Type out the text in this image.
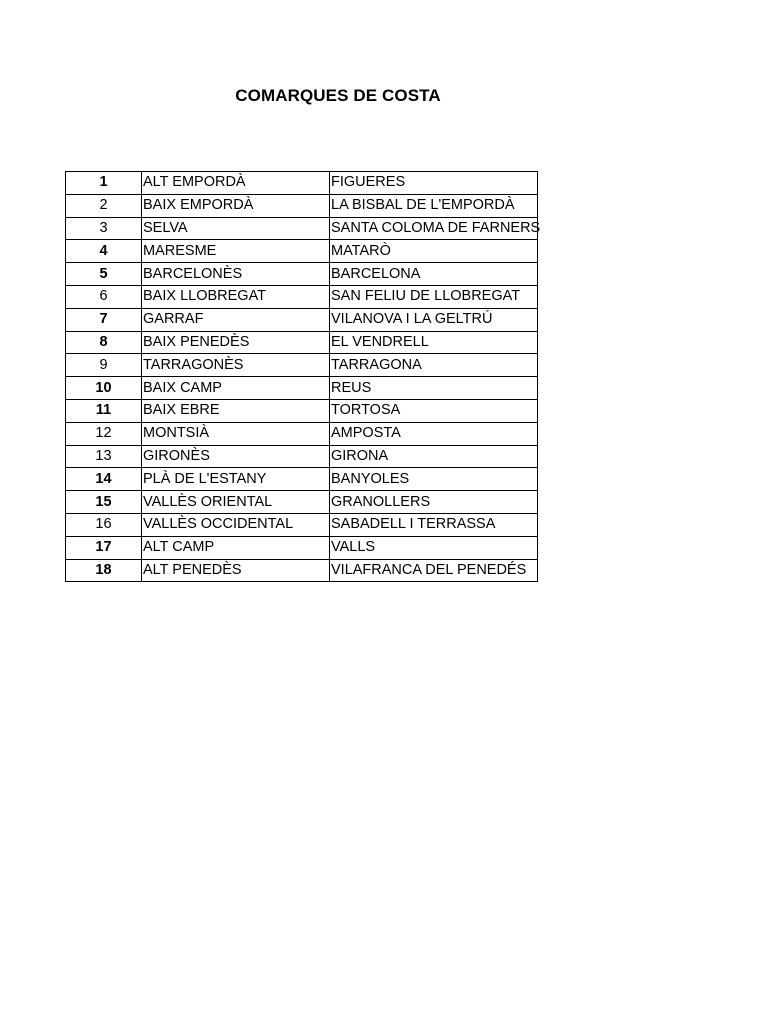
COMARQUES DE COSTA
1	ALT EMPORDÀ	FIGUERES
2	BAIX EMPORDÀ	LA BISBAL DE L'EMPORDÀ
3	SELVA	SANTA COLOMA DE FARNERS
4	MARESME	MATARÒ
5	BARCELONÈS	BARCELONA
6	BAIX LLOBREGAT	SAN FELIU DE LLOBREGAT
7	GARRAF	VILANOVA I LA GELTRÚ
8	BAIX PENEDÈS	EL VENDRELL
9	TARRAGONÈS	TARRAGONA
10	BAIX CAMP	REUS
11	BAIX EBRE	TORTOSA
12	MONTSIÀ	AMPOSTA
13	GIRONÈS	GIRONA
14	PLÀ DE L'ESTANY	BANYOLES
15	VALLÈS ORIENTAL	GRANOLLERS
16	VALLÈS OCCIDENTAL	SABADELL I TERRASSA
17	ALT CAMP	VALLS
18	ALT PENEDÈS	VILAFRANCA DEL PENEDÉS
